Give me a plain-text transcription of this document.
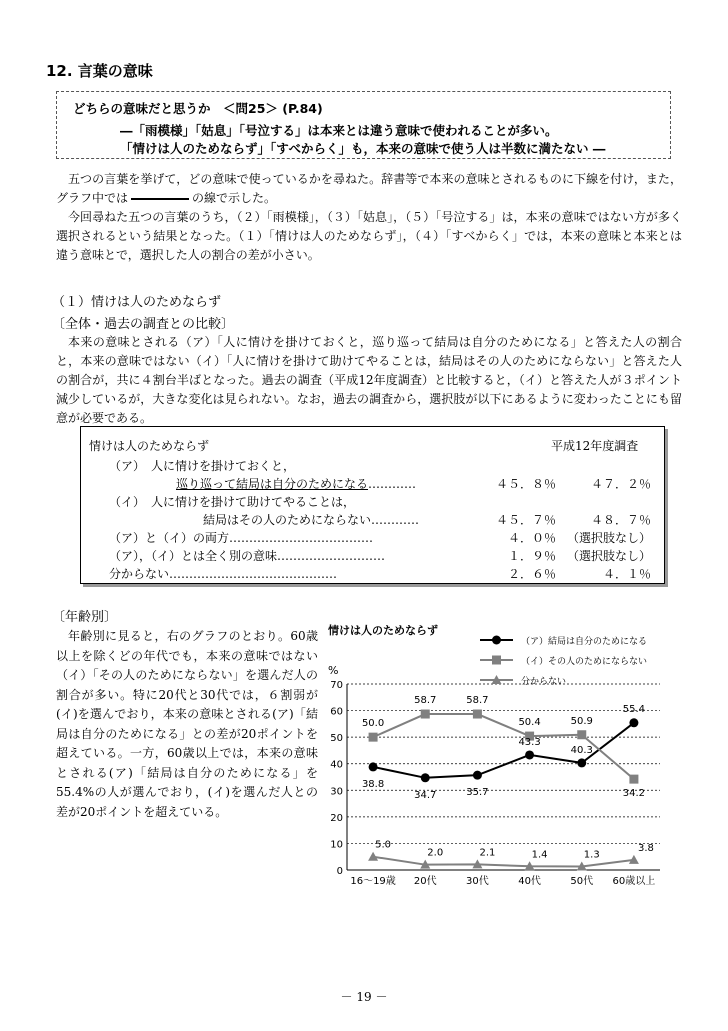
12. 言葉の意味
どちらの意味だと思うか　＜問25＞ (P.84)
―「雨模様」「姑息」「号泣する」は本来とは違う意味で使われることが多い。
「情けは人のためならず」「すべからく」も，本来の意味で使う人は半数に満たない ―

五つの言葉を挙げて，どの意味で使っているかを尋ねた。辞書等で本来の意味とされるものに下線を付け，また，グラフ中では	の線で示した。

今回尋ねた五つの言葉のうち，（２）「雨模様」，（３）「姑息」，（５）「号泣する」は，本来の意味ではない方が多く選択されるという結果となった。（１）「情けは人のためならず」，（４）「すべからく」では，本来の意味と本来とは違う意味とで，選択した人の割合の差が小さい。

（１）情けは人のためならず
〔全体・過去の調査との比較〕

本来の意味とされる（ア）「人に情けを掛けておくと，巡り巡って結局は自分のためになる」と答えた人の割合と，本来の意味ではない（イ）「人に情けを掛けて助けてやることは，結局はその人のためにならない」と答えた人の割合が，共に４割台半ばとなった。過去の調査（平成12年度調査）と比較すると，（イ）と答えた人が３ポイント減少しているが，大きな変化は見られない。なお，過去の調査から，選択肢が以下にあるように変わったことにも留意が必要である。

情けは人のためならず	平成12年度調査
（ア）　人に情けを掛けておくと，
巡り巡って結局は自分のためになる…………	４５．８％	４７．２％
（イ）　人に情けを掛けて助けてやることは，
結局はその人のためにならない…………	４５．７％	４８．７％
（ア）と（イ）の両方………………………………	４．０％ （選択肢なし）
（ア），（イ）とは全く別の意味………………………	１．９％ （選択肢なし）
分からない……………………………………	２．６％	４．１％
〔年齢別〕

年齢別に見ると，右のグラフのとおり。60歳以上を除くどの年代でも，本来の意味ではない（イ）「その人のためにならない」を選んだ人の割合が多い。特に20代と30代では，６割弱が(イ)を選んでおり，本来の意味とされる(ア)「結局は自分のためになる」との差が20ポイントを超えている。一方，60歳以上では，本来の意味とされる(ア)「結局は自分のためになる」を55.4%の人が選んでおり，(イ)を選んだ人との差が20ポイントを超えている。

情けは人のためならず
%
0
10
20
30
40
50
60
70
16～19歳 20代	30代	40代	50代 60歳以上
38.8
34.7	35.7
43.3
40.3
55.4
50.0
58.7	58.7
50.4	50.9
34.2
5.0
2.0	2.1	1.4	1.3
3.8
（ア）結局は自分のためになる
（イ）その人のためにならない
分からない
－ 19 －
